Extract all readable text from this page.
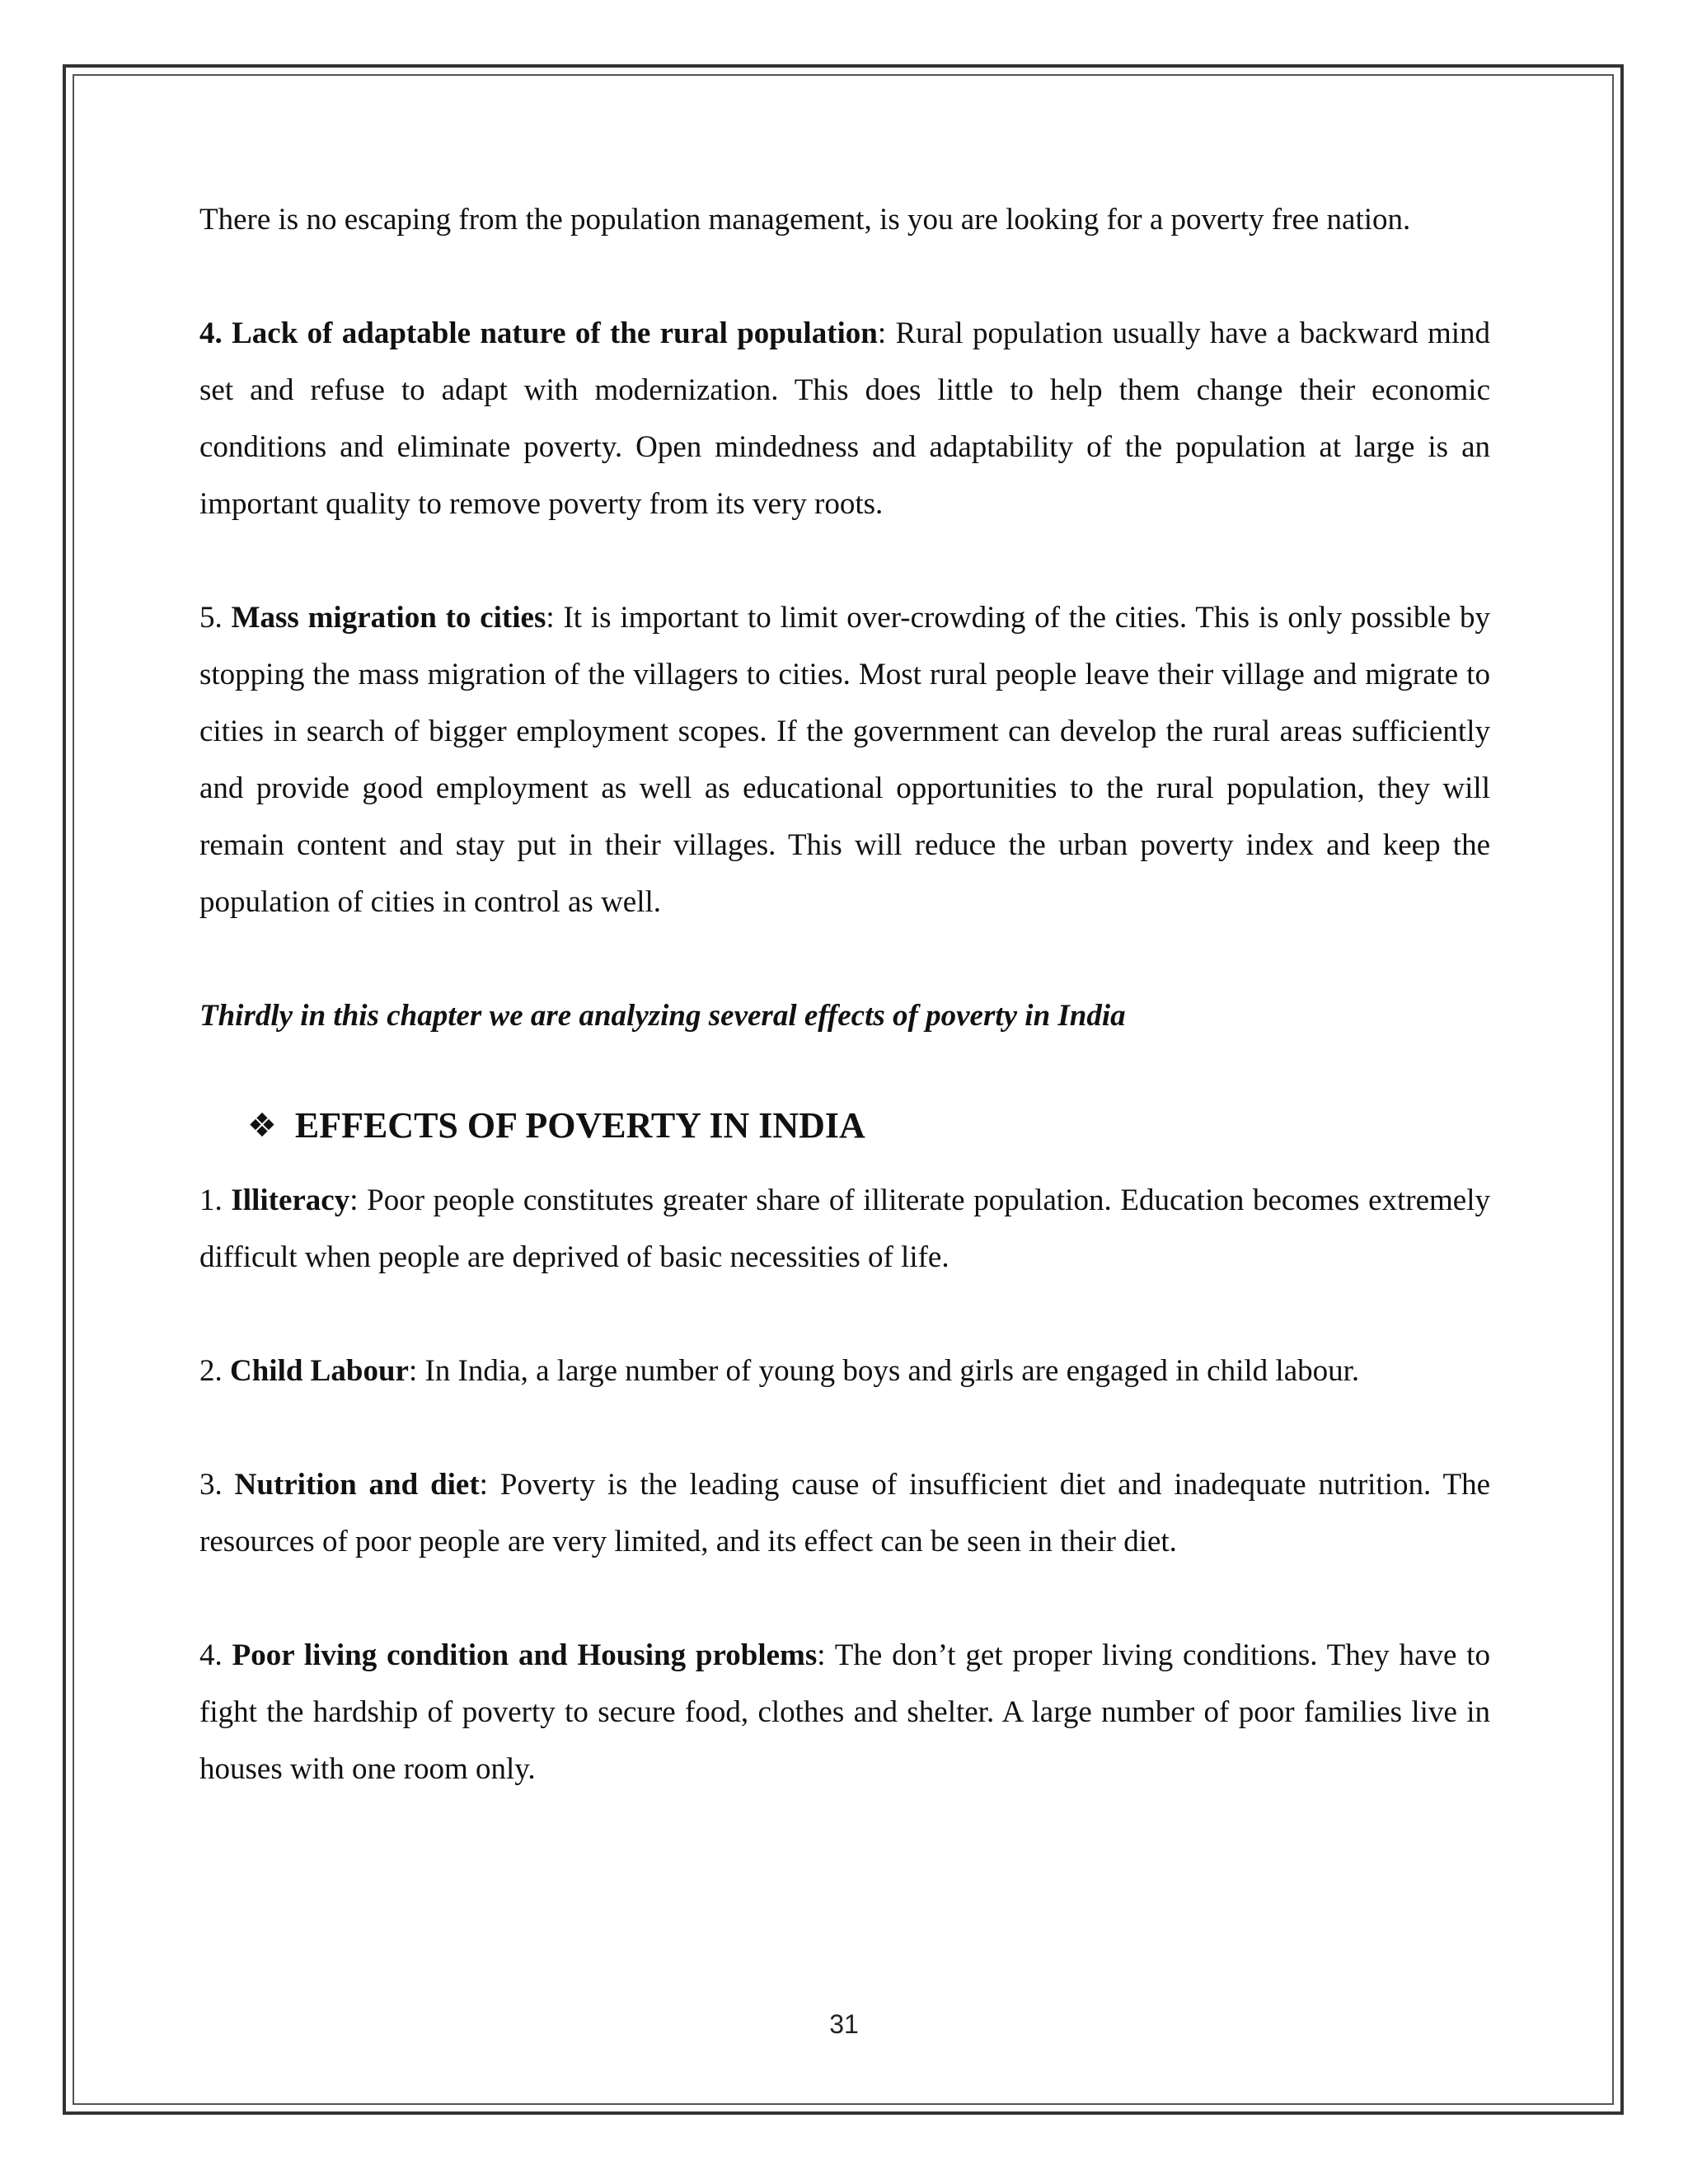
There is no escaping from the population management, is you are looking for a poverty free nation.

4. Lack of adaptable nature of the rural population: Rural population usually have a backward mind set and refuse to adapt with modernization. This does little to help them change their economic conditions and eliminate poverty. Open mindedness and adaptability of the population at large is an important quality to remove poverty from its very roots.

5. Mass migration to cities: It is important to limit over-crowding of the cities. This is only possible by stopping the mass migration of the villagers to cities. Most rural people leave their village and migrate to cities in search of bigger employment scopes. If the government can develop the rural areas sufficiently and provide good employment as well as educational opportunities to the rural population, they will remain content and stay put in their villages. This will reduce the urban poverty index and keep the population of cities in control as well.

Thirdly in this chapter we are analyzing several effects of poverty in India

❖ EFFECTS OF POVERTY IN INDIA

1. Illiteracy: Poor people constitutes greater share of illiterate population. Education becomes extremely difficult when people are deprived of basic necessities of life.

2. Child Labour: In India, a large number of young boys and girls are engaged in child labour.

3. Nutrition and diet: Poverty is the leading cause of insufficient diet and inadequate nutrition. The resources of poor people are very limited, and its effect can be seen in their diet.

4. Poor living condition and Housing problems: The don’t get proper living conditions. They have to fight the hardship of poverty to secure food, clothes and shelter. A large number of poor families live in houses with one room only.

31
